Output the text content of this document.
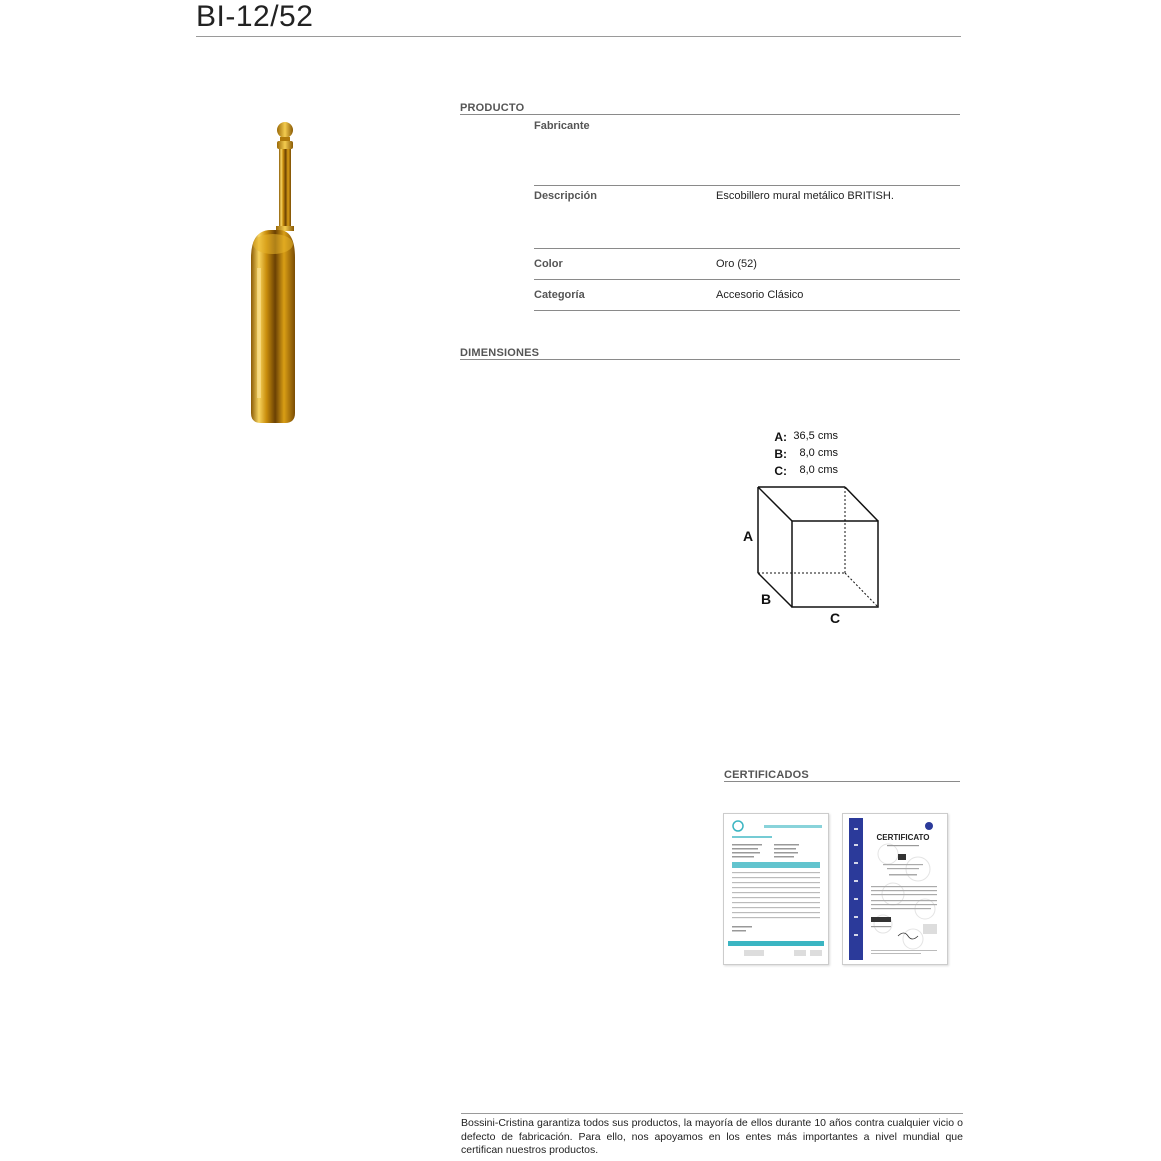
BI-12/52
PRODUCTO
Fabricante
Descripción	Escobillero mural metálico BRITISH.
Color	Oro (52)
Categoría	Accesorio Clásico
DIMENSIONES
A: 36,5 cms
B:	8,0 cms
C:	8,0 cms
A
B
C
CERTIFICADOS
CERTIFICATO
Bossini-Cristina garantiza todos sus productos, la mayoría de ellos durante 10 años contra cualquier vicio o defecto de fabricación. Para ello, nos apoyamos en los entes más importantes a nivel mundial que certifican nuestros productos.
